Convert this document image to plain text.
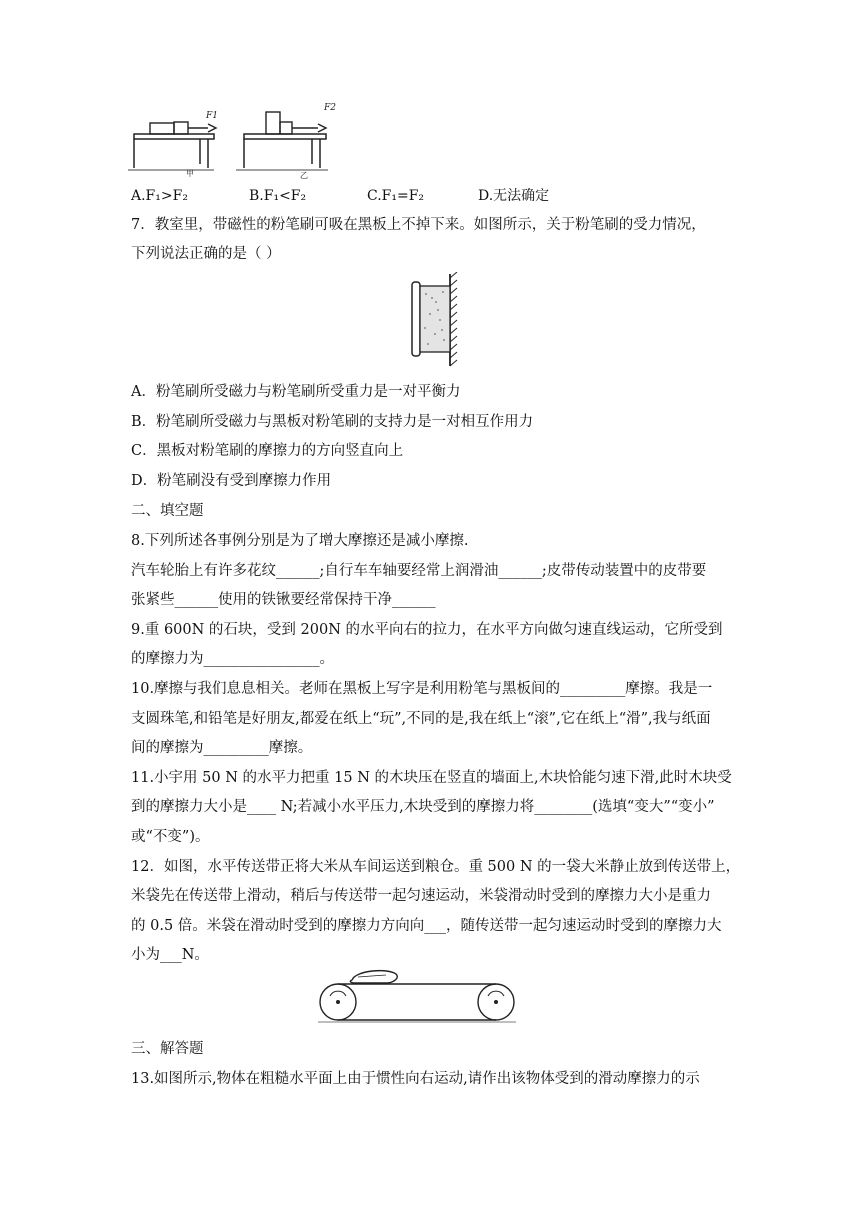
F1
甲
F2
乙
A.F₁>F₂	B.F₁<F₂	C.F₁=F₂	D.无法确定
7．教室里，带磁性的粉笔刷可吸在黑板上不掉下来。如图所示，关于粉笔刷的受力情况，
下列说法正确的是（ ）
A．粉笔刷所受磁力与粉笔刷所受重力是一对平衡力
B．粉笔刷所受磁力与黑板对粉笔刷的支持力是一对相互作用力
C．黑板对粉笔刷的摩擦力的方向竖直向上
D．粉笔刷没有受到摩擦力作用
二、填空题
8.下列所述各事例分别是为了增大摩擦还是减小摩擦.
汽车轮胎上有许多花纹______;自行车车轴要经常上润滑油______;皮带传动装置中的皮带要
张紧些______使用的铁锹要经常保持干净______
9.重 600N 的石块，受到 200N 的水平向右的拉力，在水平方向做匀速直线运动，它所受到
的摩擦力为________________。
10.摩擦与我们息息相关。老师在黑板上写字是利用粉笔与黑板间的_________摩擦。我是一
支圆珠笔,和铅笔是好朋友,都爱在纸上“玩”,不同的是,我在纸上“滚”,它在纸上“滑”,我与纸面
间的摩擦为_________摩擦。
11.小宇用 50 N 的水平力把重 15 N 的木块压在竖直的墙面上,木块恰能匀速下滑,此时木块受
到的摩擦力大小是____ N;若减小水平压力,木块受到的摩擦力将________(选填“变大”“变小”
或“不变”)。
12．如图，水平传送带正将大米从车间运送到粮仓。重 500 N 的一袋大米静止放到传送带上，
米袋先在传送带上滑动，稍后与传送带一起匀速运动，米袋滑动时受到的摩擦力大小是重力
的 0.5 倍。米袋在滑动时受到的摩擦力方向向___，随传送带一起匀速运动时受到的摩擦力大
小为___N。
三、解答题
13.如图所示,物体在粗糙水平面上由于惯性向右运动,请作出该物体受到的滑动摩擦力的示
